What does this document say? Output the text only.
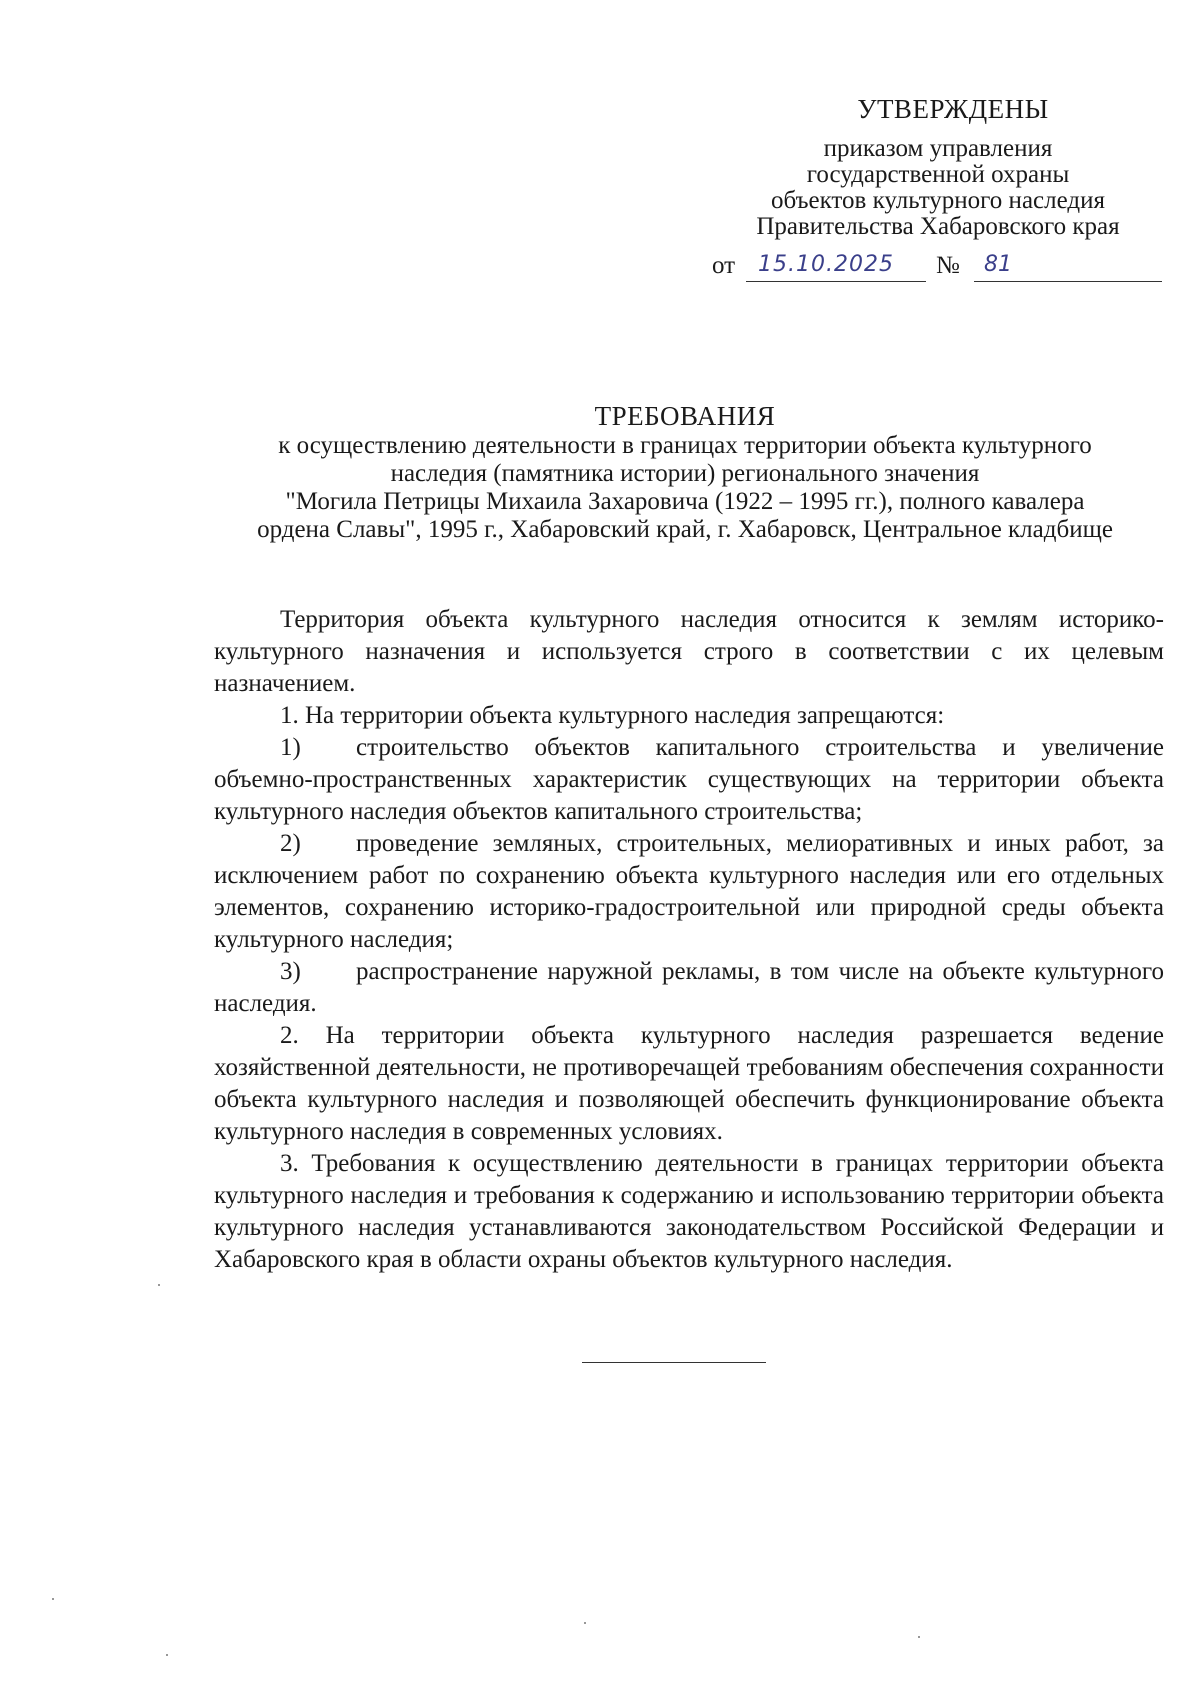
УТВЕРЖДЕНЫ
приказом управления
государственной охраны
объектов культурного наследия
Правительства Хабаровского края
от	15.10.2025	№	81
ТРЕБОВАНИЯ
к осуществлению деятельности в границах территории объекта культурного
наследия (памятника истории) регионального значения
"Могила Петрицы Михаила Захаровича (1922 – 1995 гг.), полного кавалера
ордена Славы", 1995 г., Хабаровский край, г. Хабаровск, Центральное кладбище

Территория объекта культурного наследия относится к землям историко-культурного назначения и используется строго в соответствии с их целевым назначением.

1. На территории объекта культурного наследия запрещаются:

1) строительство объектов капитального строительства и увеличение объемно-пространственных характеристик существующих на территории объекта культурного наследия объектов капитального строительства;

2) проведение земляных, строительных, мелиоративных и иных работ, за исключением работ по сохранению объекта культурного наследия или его отдельных элементов, сохранению историко-градостроительной или природной среды объекта культурного наследия;

3) распространение наружной рекламы, в том числе на объекте культурного наследия.

2. На территории объекта культурного наследия разрешается ведение хозяйственной деятельности, не противоречащей требованиям обеспечения сохранности объекта культурного наследия и позволяющей обеспечить функционирование объекта культурного наследия в современных условиях.

3. Требования к осуществлению деятельности в границах территории объекта культурного наследия и требования к содержанию и использованию территории объекта культурного наследия устанавливаются законодательством Российской Федерации и Хабаровского края в области охраны объектов культурного наследия.
